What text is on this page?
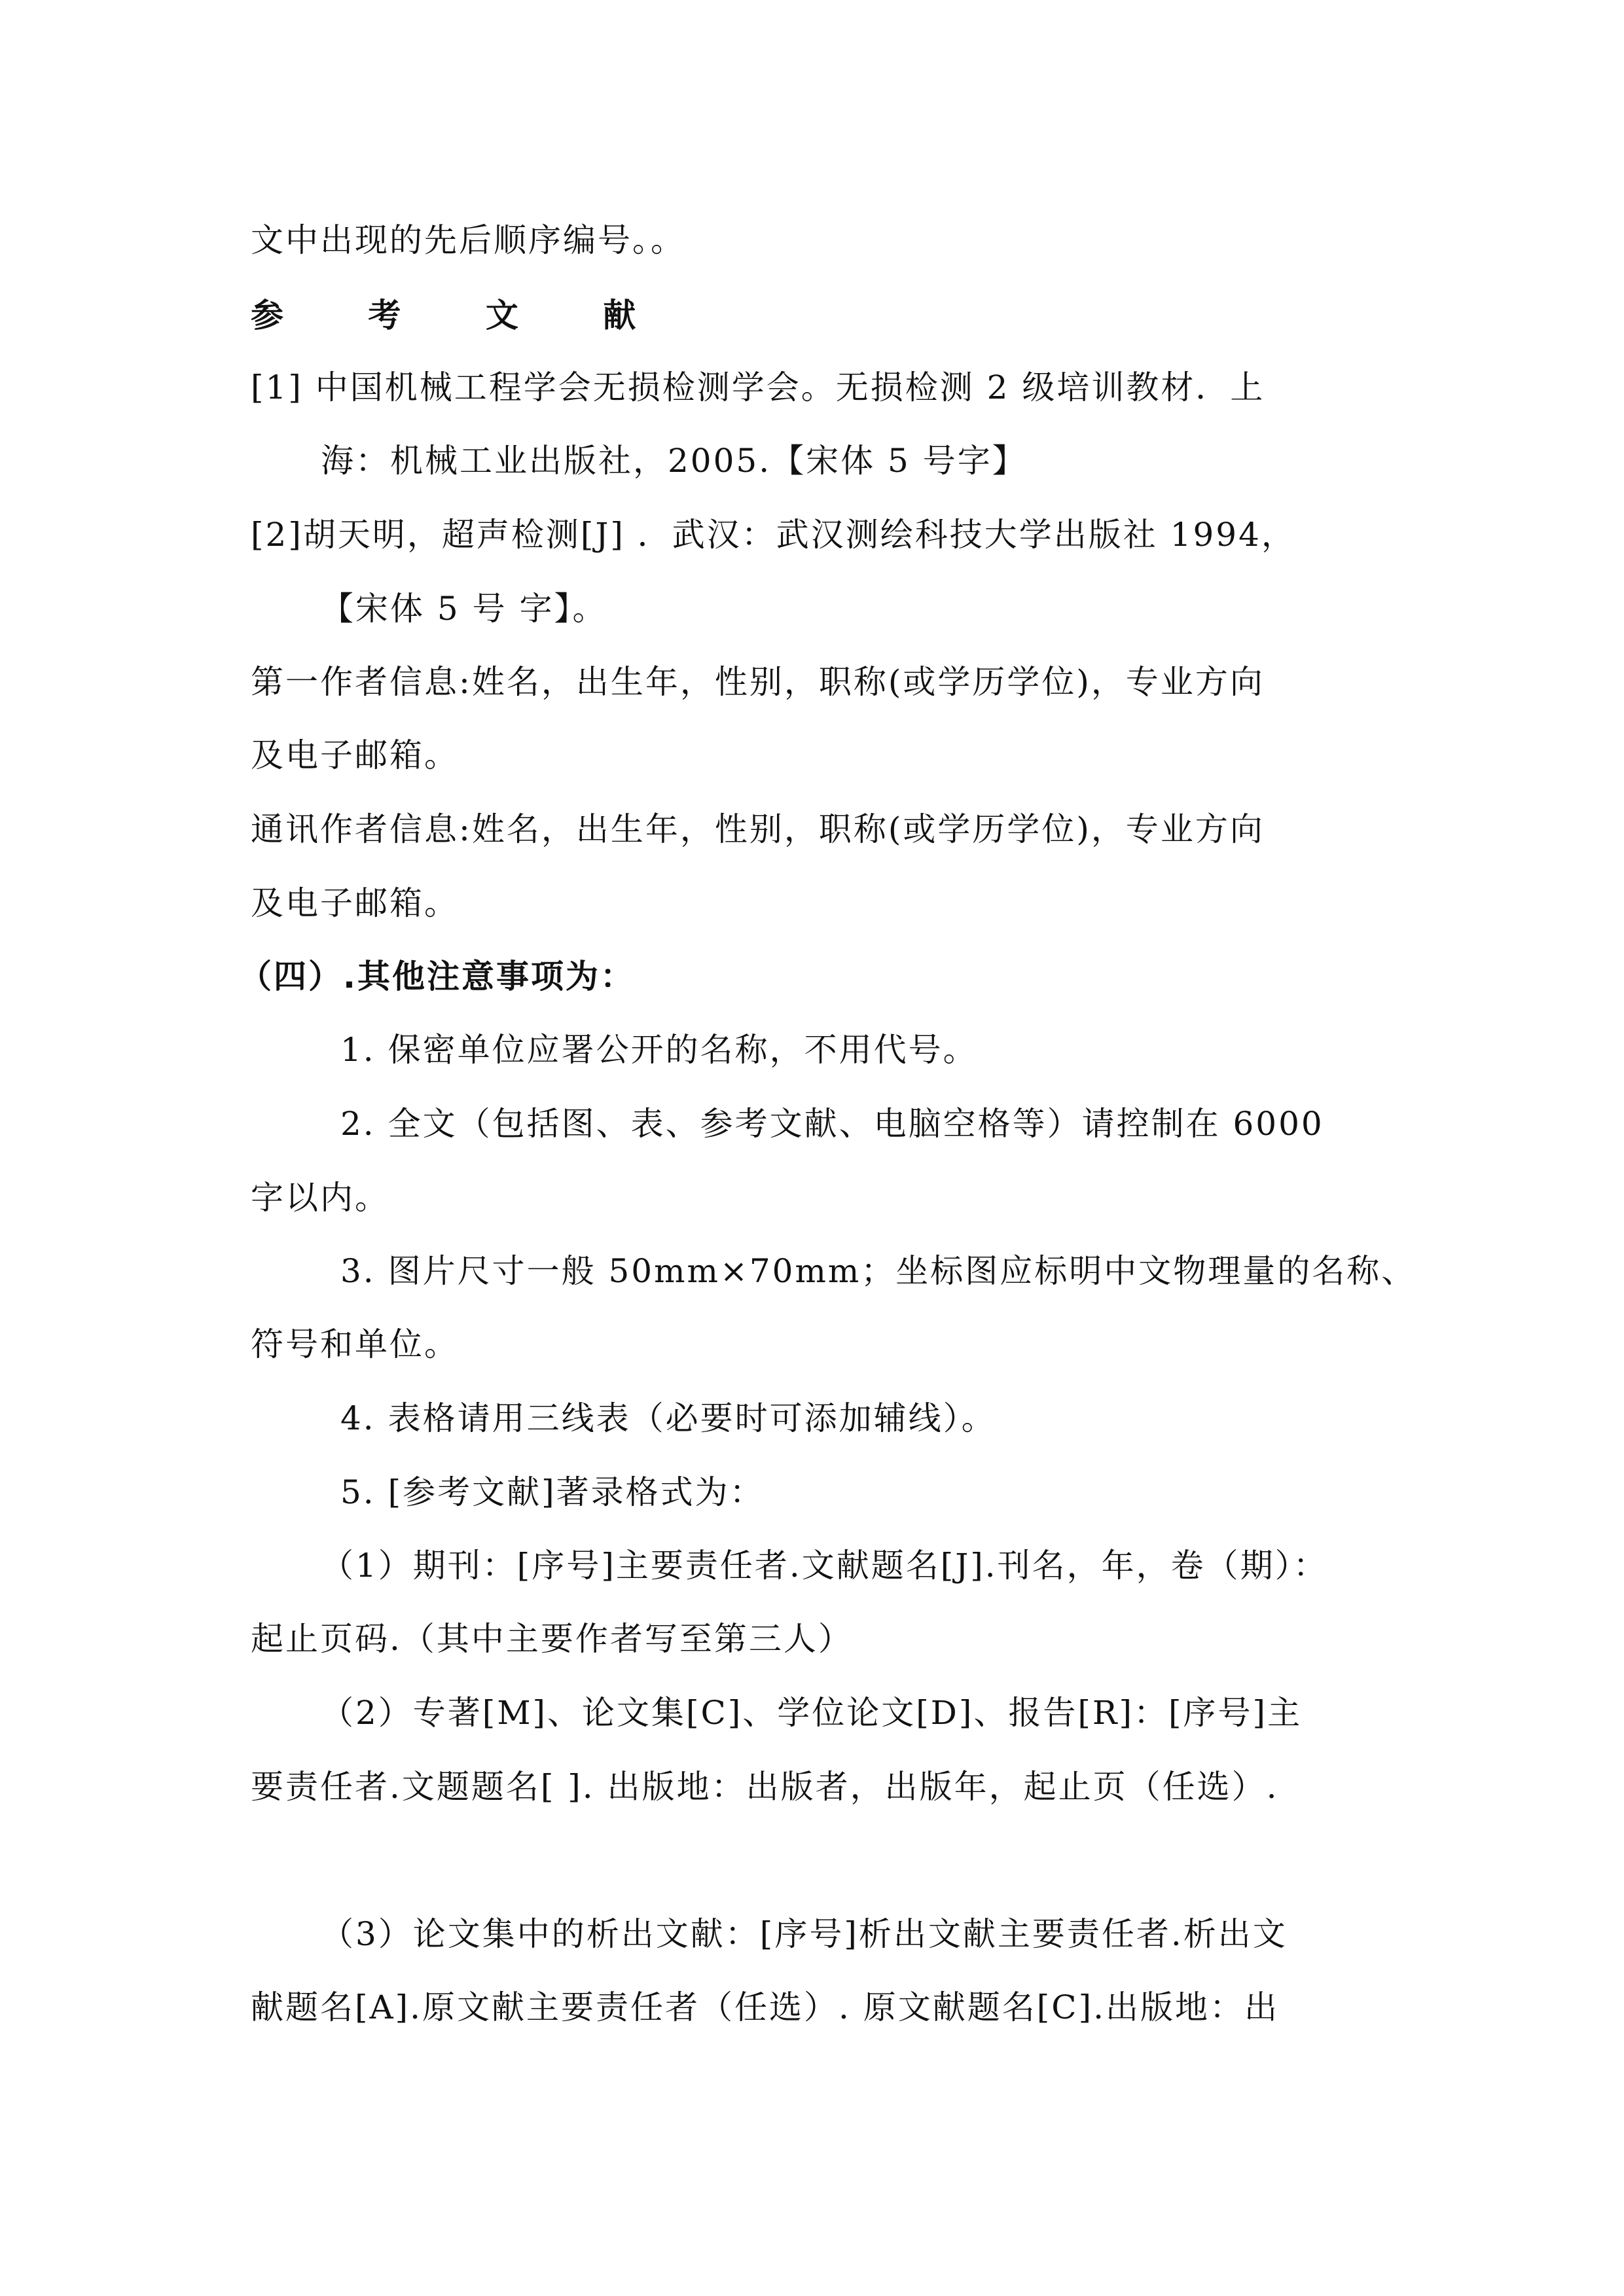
文中出现的先后顺序编号。。
参 考 文 献
[1] 中国机械工程学会无损检测学会。无损检测 2 级培训教材．上
海：机械工业出版社，2005.【宋体 5 号字】
[2]胡天明，超声检测[J] ．武汉：武汉测绘科技大学出版社 1994，
【宋体 5 号 字】。
第一作者信息:姓名，出生年，性别，职称(或学历学位)，专业方向
及电子邮箱。
通讯作者信息:姓名，出生年，性别，职称(或学历学位)，专业方向
及电子邮箱。
（四）.其他注意事项为：
1. 保密单位应署公开的名称，不用代号。
2. 全文（包括图、表、参考文献、电脑空格等）请控制在 6000
字以内。
3. 图片尺寸一般 50mm×70mm；坐标图应标明中文物理量的名称、
符号和单位。
4. 表格请用三线表（必要时可添加辅线）。
5. [参考文献]著录格式为：
（1）期刊：[序号]主要责任者.文献题名[J].刊名，年，卷（期）：
起止页码.（其中主要作者写至第三人）
（2）专著[M]、论文集[C]、学位论文[D]、报告[R]：[序号]主
要责任者.文题题名[ ]. 出版地：出版者，出版年，起止页（任选）.
（3）论文集中的析出文献：[序号]析出文献主要责任者.析出文
献题名[A].原文献主要责任者（任选）. 原文献题名[C].出版地：出
